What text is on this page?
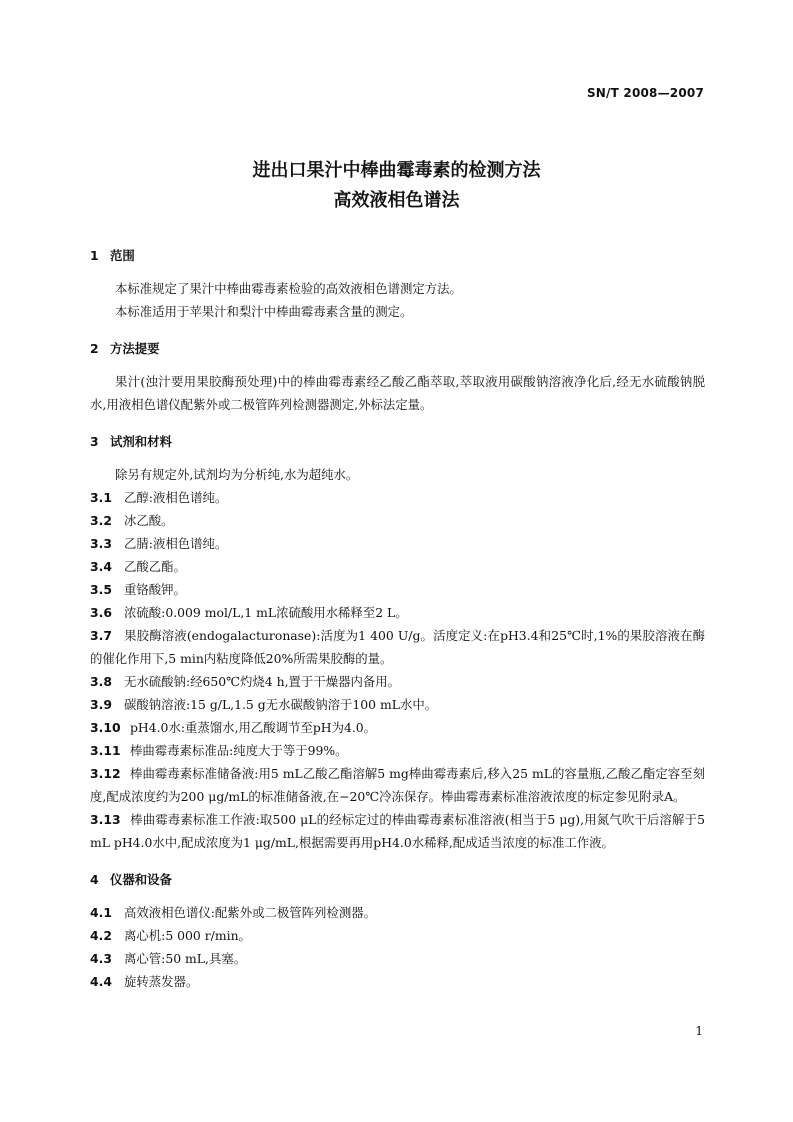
SN/T 2008—2007
进出口果汁中棒曲霉毒素的检测方法
高效液相色谱法
1 范围

本标准规定了果汁中棒曲霉毒素检验的高效液相色谱测定方法。

本标准适用于苹果汁和梨汁中棒曲霉毒素含量的测定。

2 方法提要

果汁(浊汁要用果胶酶预处理)中的棒曲霉毒素经乙酸乙酯萃取,萃取液用碳酸钠溶液净化后,经无水硫酸钠脱水,用液相色谱仪配紫外或二极管阵列检测器测定,外标法定量。

3 试剂和材料

除另有规定外,试剂均为分析纯,水为超纯水。

3.1 乙醇:液相色谱纯。

3.2 冰乙酸。

3.3 乙腈:液相色谱纯。

3.4 乙酸乙酯。

3.5 重铬酸钾。

3.6 浓硫酸:0.009 mol/L,1 mL浓硫酸用水稀释至2 L。

3.7 果胶酶溶液(endogalacturonase):活度为1 400 U/g。活度定义:在pH3.4和25℃时,1%的果胶溶液在酶的催化作用下,5 min内粘度降低20%所需果胶酶的量。

3.8 无水硫酸钠:经650℃灼烧4 h,置于干燥器内备用。

3.9 碳酸钠溶液:15 g/L,1.5 g无水碳酸钠溶于100 mL水中。

3.10 pH4.0水:重蒸馏水,用乙酸调节至pH为4.0。

3.11 棒曲霉毒素标准品:纯度大于等于99%。

3.12 棒曲霉毒素标准储备液:用5 mL乙酸乙酯溶解5 mg棒曲霉毒素后,移入25 mL的容量瓶,乙酸乙酯定容至刻度,配成浓度约为200 μg/mL的标准储备液,在−20℃冷冻保存。棒曲霉毒素标准溶液浓度的标定参见附录A。

3.13 棒曲霉毒素标准工作液:取500 μL的经标定过的棒曲霉毒素标准溶液(相当于5 μg),用氮气吹干后溶解于5 mL pH4.0水中,配成浓度为1 μg/mL,根据需要再用pH4.0水稀释,配成适当浓度的标准工作液。

4 仪器和设备

4.1 高效液相色谱仪:配紫外或二极管阵列检测器。

4.2 离心机:5 000 r/min。

4.3 离心管:50 mL,具塞。

4.4 旋转蒸发器。

1
